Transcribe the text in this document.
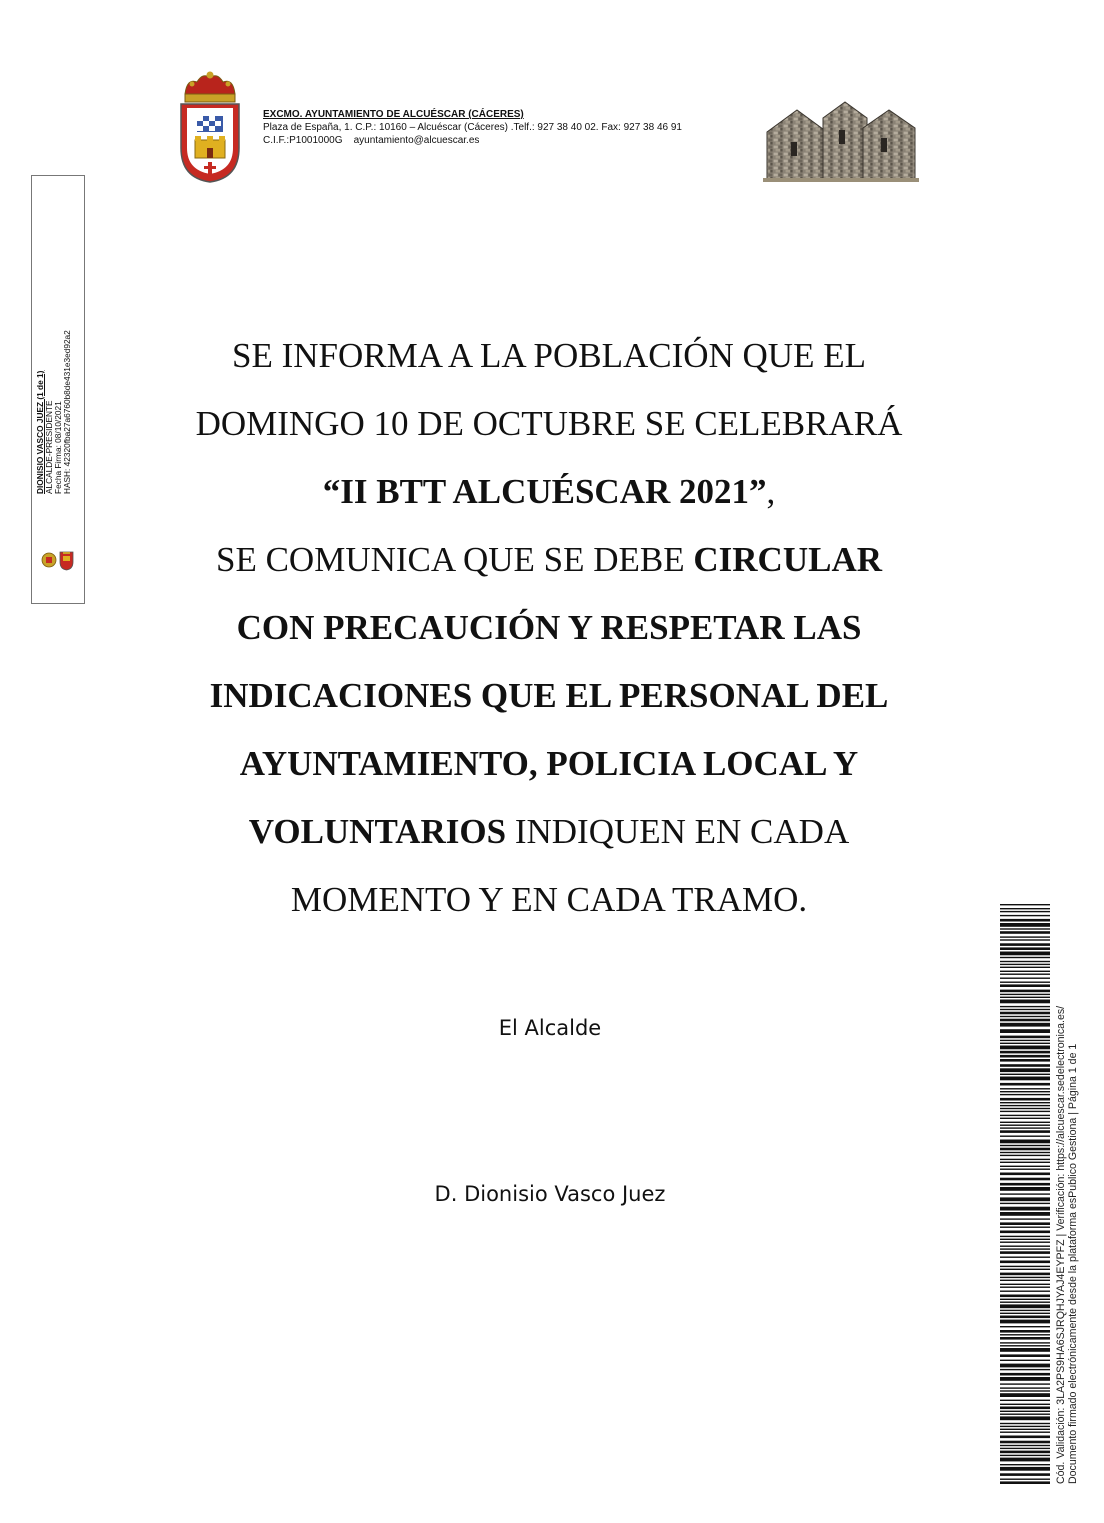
EXCMO. AYUNTAMIENTO DE ALCUÉSCAR (CÁCERES)
Plaza de España, 1. C.P.: 10160 – Alcuéscar (Cáceres) .Telf.: 927 38 40 02. Fax: 927 38 46 91
C.I.F.:P1001000G    ayuntamiento@alcuescar.es
DIONISIO VASCO JUEZ (1 de 1) ALCALDE-PRESIDENTE Fecha Firma: 08/10/2021 HASH: 42320fba27a6760b8de431e3ed92a2	SE INFORMA A LA POBLACIÓN QUE EL
DOMINGO 10 DE OCTUBRE SE CELEBRARÁ
“II BTT ALCUÉSCAR 2021”,
SE COMUNICA QUE SE DEBE CIRCULAR
CON PRECAUCIÓN Y RESPETAR LAS
INDICACIONES QUE EL PERSONAL DEL
AYUNTAMIENTO, POLICIA LOCAL Y
VOLUNTARIOS INDIQUEN EN CADA
MOMENTO Y EN CADA TRAMO.
El Alcalde
D. Dionisio Vasco Juez	Cód. Validación: 3LA2PS9HA6SJRQHJYAJ4EYPFZ | Verificación: https://alcuescar.sedelectronica.es/ Documento firmado electrónicamente desde la plataforma esPublico Gestiona | Página 1 de 1
